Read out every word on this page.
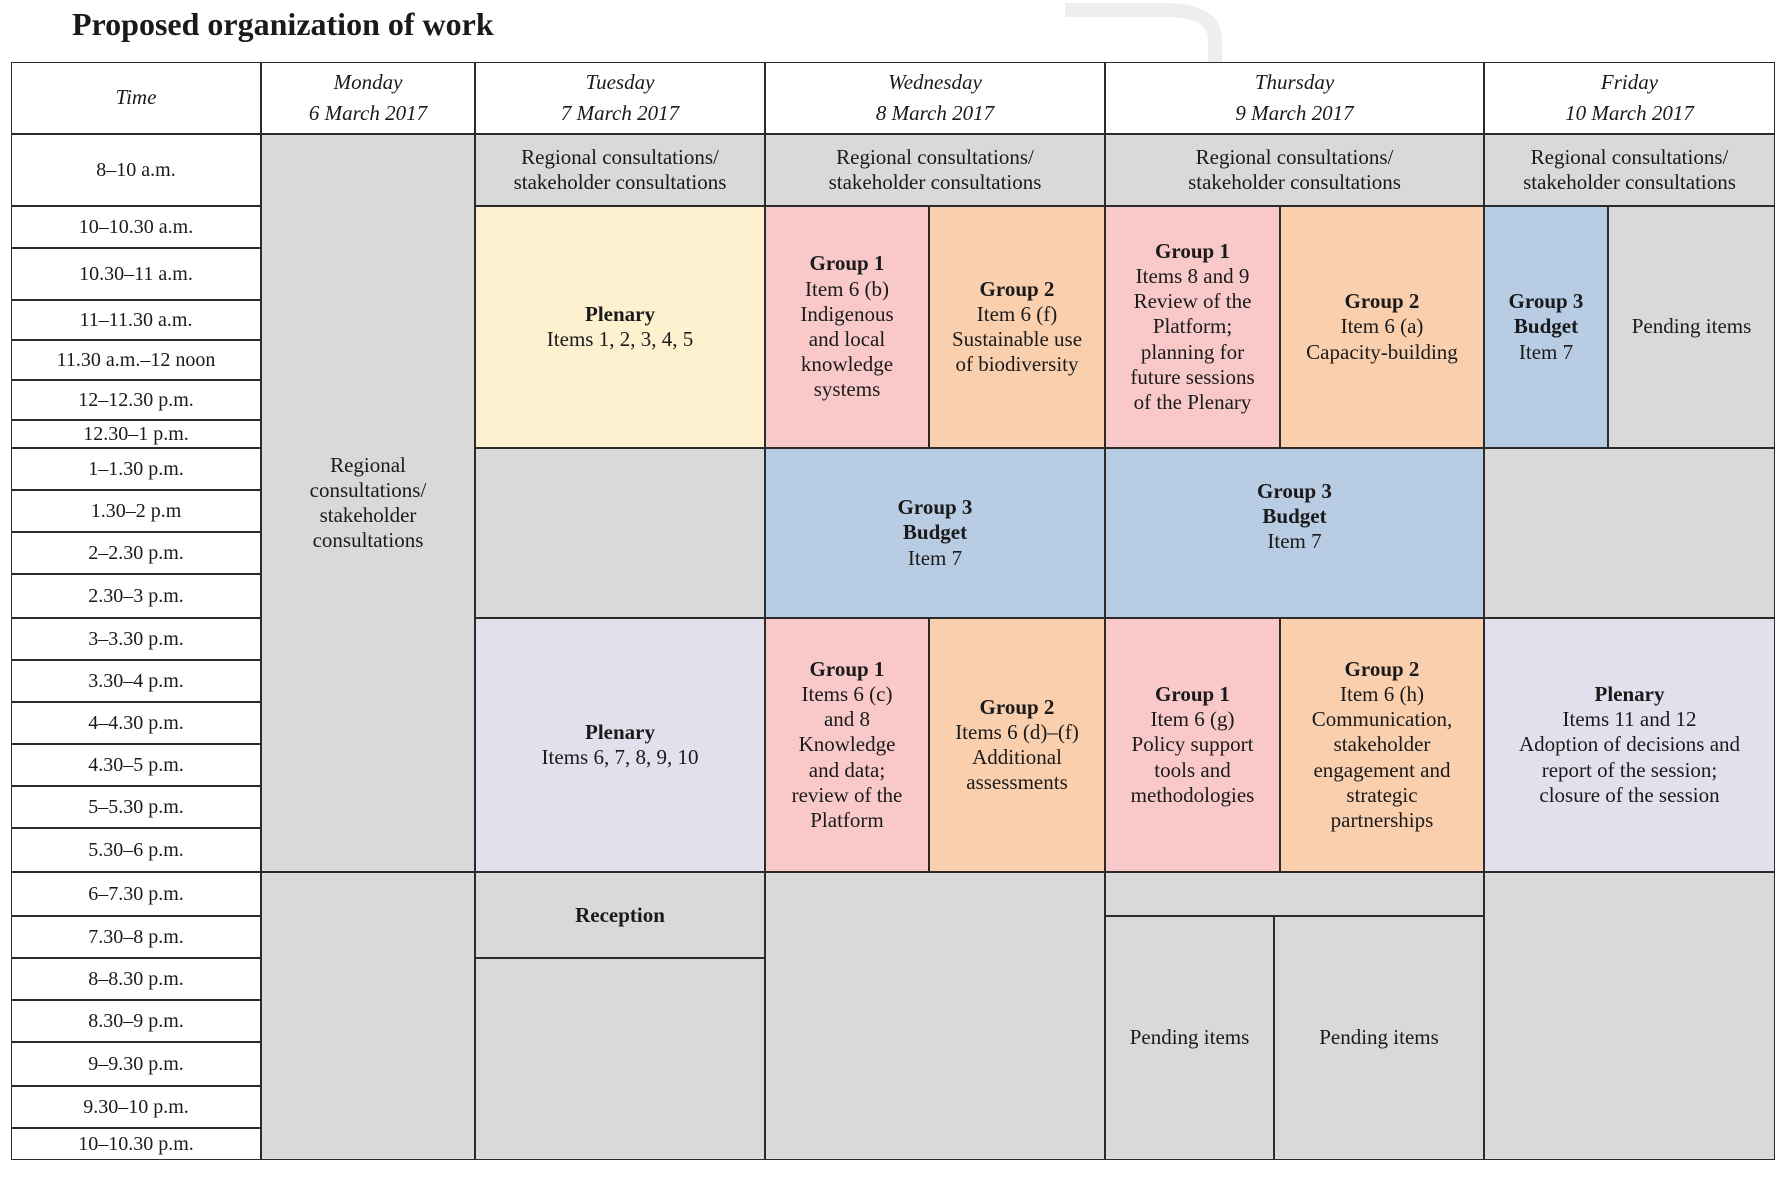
Proposed organization of work
Time
Monday
6 March 2017
Tuesday
7 March 2017
Wednesday
8 March 2017
Thursday
9 March 2017
Friday
10 March 2017
8–10 a.m.
10–10.30 a.m.
10.30–11 a.m.
11–11.30 a.m.
11.30 a.m.–12 noon
12–12.30 p.m.
12.30–1 p.m.
1–1.30 p.m.
1.30–2 p.m
2–2.30 p.m.
2.30–3 p.m.
3–3.30 p.m.
3.30–4 p.m.
4–4.30 p.m.
4.30–5 p.m.
5–5.30 p.m.
5.30–6 p.m.
6–7.30 p.m.
7.30–8 p.m.
8–8.30 p.m.
8.30–9 p.m.
9–9.30 p.m.
9.30–10 p.m.
10–10.30 p.m.
Regional
consultations/
stakeholder
consultations
Regional consultations/
stakeholder consultations
Regional consultations/
stakeholder consultations
Regional consultations/
stakeholder consultations
Regional consultations/
stakeholder consultations
Plenary
Items 1, 2, 3, 4, 5
Plenary
Items 6, 7, 8, 9, 10
Reception
Group 1
Item 6 (b)
Indigenous
and local
knowledge
systems
Group 2
Item 6 (f)
Sustainable use
of biodiversity
Group 3
Budget
Item 7
Group 1
Items 6 (c)
and 8
Knowledge
and data;
review of the
Platform
Group 2
Items 6 (d)–(f)
Additional
assessments
Group 1
Items 8 and 9
Review of the
Platform;
planning for
future sessions
of the Plenary
Group 2
Item 6 (a)
Capacity-building
Group 3
Budget
Item 7
Group 1
Item 6 (g)
Policy support
tools and
methodologies
Group 2
Item 6 (h)
Communication,
stakeholder
engagement and
strategic
partnerships
Pending items	Pending items
Group 3
Budget
Item 7
Pending items
Plenary
Items 11 and 12
Adoption of decisions and
report of the session;
closure of the session
